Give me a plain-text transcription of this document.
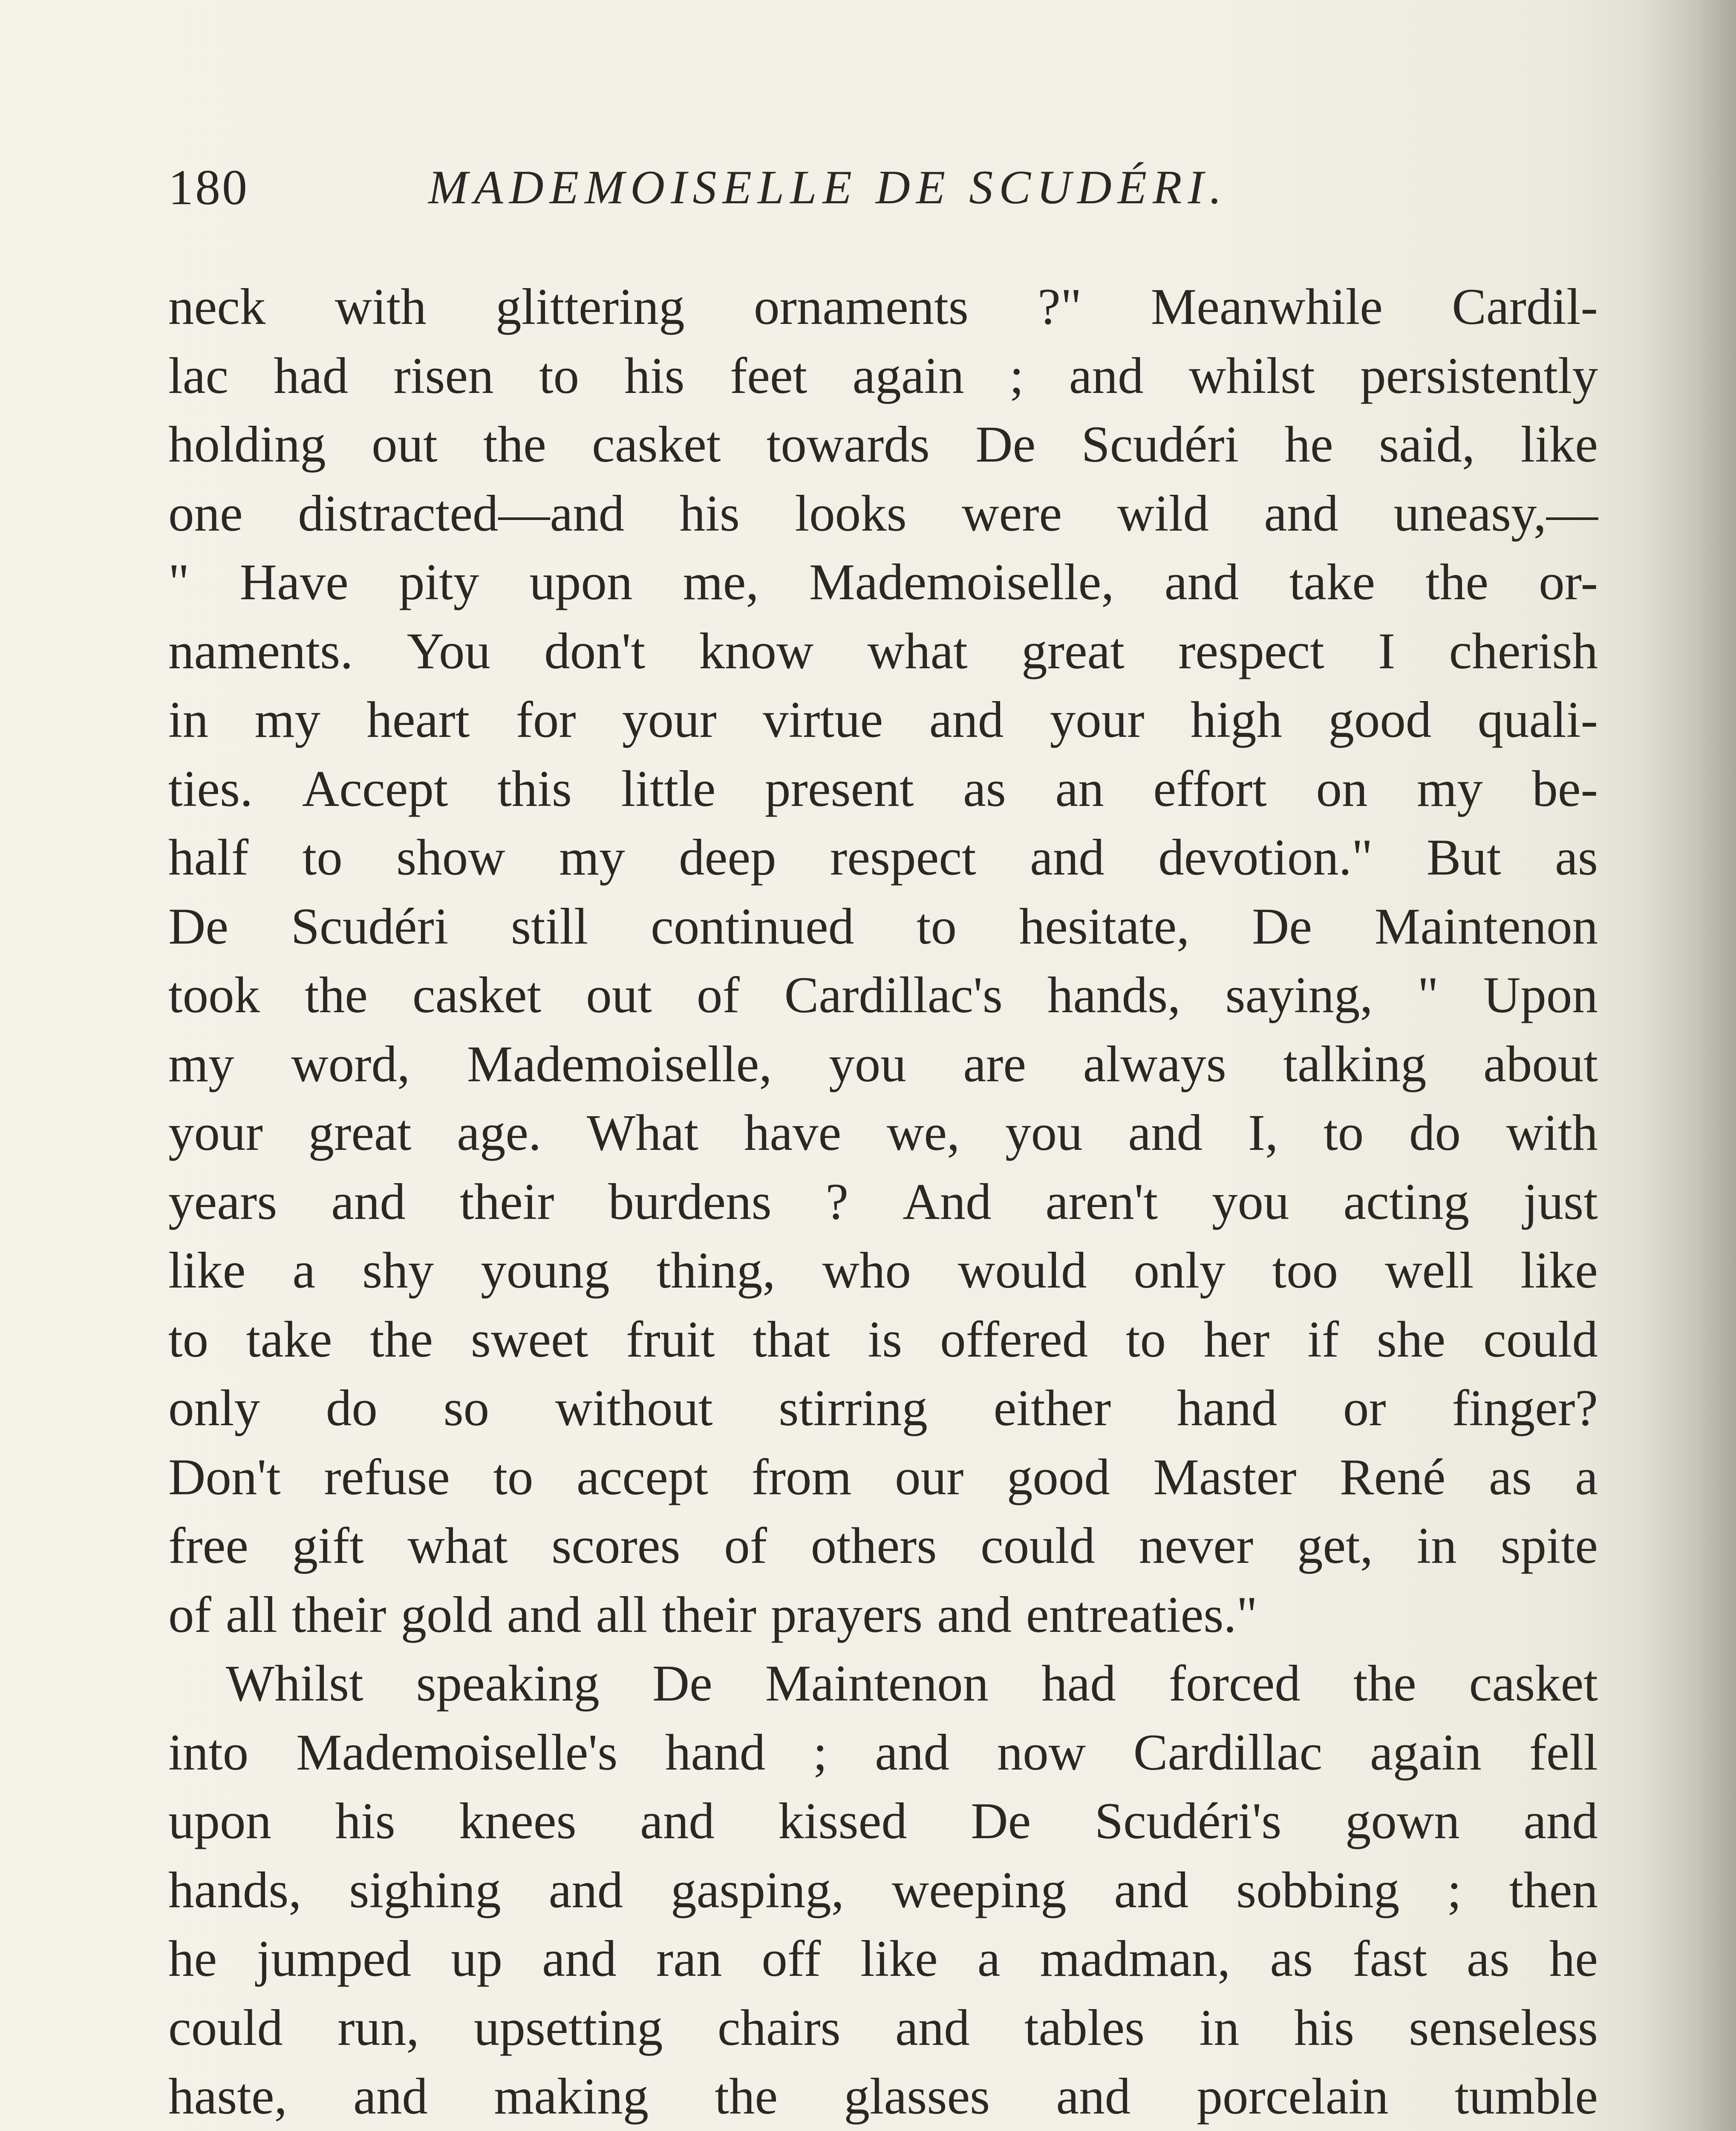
180	MADEMOISELLE DE SCUDÉRI.
neck with glittering ornaments ?" Meanwhile Cardil-
lac had risen to his feet again ; and whilst persistently
holding out the casket towards De Scudéri he said, like
one distracted—and his looks were wild and uneasy,—
" Have pity upon me, Mademoiselle, and take the or-
naments. You don't know what great respect I cherish
in my heart for your virtue and your high good quali-
ties. Accept this little present as an effort on my be-
half to show my deep respect and devotion." But as
De Scudéri still continued to hesitate, De Maintenon
took the casket out of Cardillac's hands, saying, " Upon
my word, Mademoiselle, you are always talking about
your great age. What have we, you and I, to do with
years and their burdens ? And aren't you acting just
like a shy young thing, who would only too well like
to take the sweet fruit that is offered to her if she could
only do so without stirring either hand or finger?
Don't refuse to accept from our good Master René as a
free gift what scores of others could never get, in spite
of all their gold and all their prayers and entreaties."
Whilst speaking De Maintenon had forced the casket
into Mademoiselle's hand ; and now Cardillac again fell
upon his knees and kissed De Scudéri's gown and
hands, sighing and gasping, weeping and sobbing ; then
he jumped up and ran off like a madman, as fast as he
could run, upsetting chairs and tables in his senseless
haste, and making the glasses and porcelain tumble
